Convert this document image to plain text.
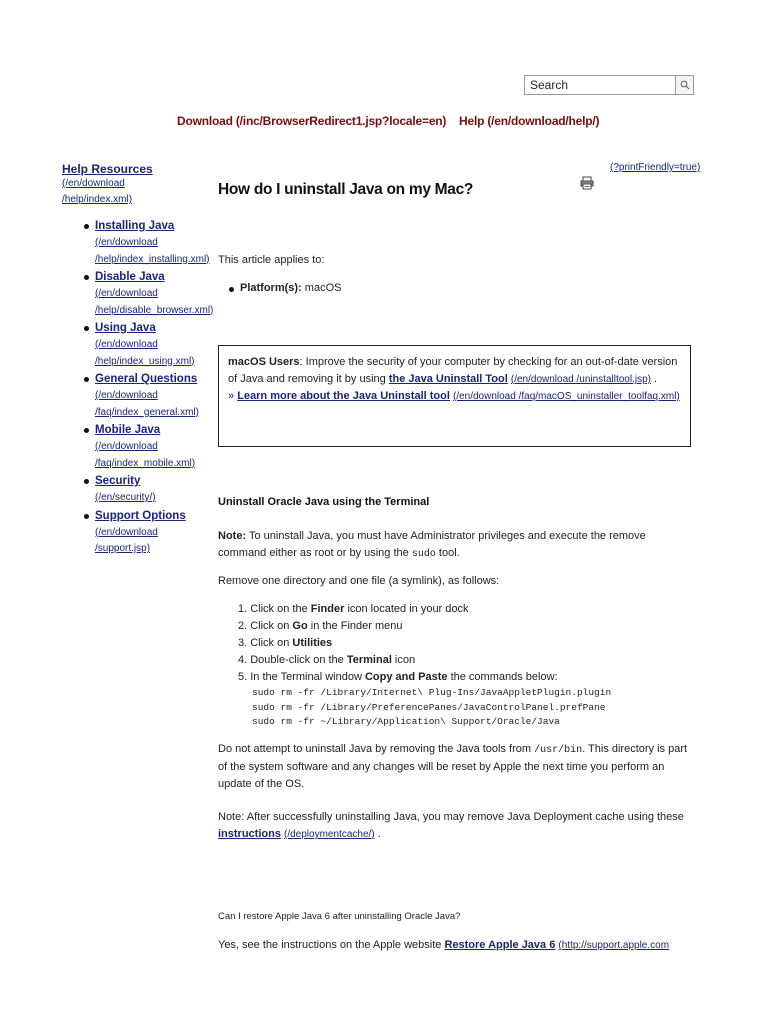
Search
Download (/inc/BrowserRedirect1.jsp?locale=en) Help (/en/download/help/)
Help Resources
(/en/download
/help/index.xml)
Installing Java
(/en/download
/help/index_installing.xml)
Disable Java
(/en/download
/help/disable_browser.xml)
Using Java
(/en/download
/help/index_using.xml)
General Questions
(/en/download
/faq/index_general.xml)
Mobile Java
(/en/download
/faq/index_mobile.xml)
Security
(/en/security/)
Support Options
(/en/download
/support.jsp)
(?printFriendly=true)
How do I uninstall Java on my Mac?
This article applies to:
Platform(s): macOS
macOS Users: Improve the security of your computer by checking for an out-of-date version of Java and removing it by using the Java Uninstall Tool (/en/download /uninstalltool.jsp) .
» Learn more about the Java Uninstall tool (/en/download /faq/macOS_uninstaller_toolfaq.xml)
Uninstall Oracle Java using the Terminal
Note: To uninstall Java, you must have Administrator privileges and execute the remove command either as root or by using the sudo tool.
Remove one directory and one file (a symlink), as follows:
1. Click on the Finder icon located in your dock
2. Click on Go in the Finder menu
3. Click on Utilities
4. Double-click on the Terminal icon
5. In the Terminal window Copy and Paste the commands below:
sudo rm -fr /Library/Internet\ Plug-Ins/JavaAppletPlugin.plugin
sudo rm -fr /Library/PreferencePanes/JavaControlPanel.prefPane
sudo rm -fr ~/Library/Application\ Support/Oracle/Java
Do not attempt to uninstall Java by removing the Java tools from /usr/bin. This directory is part of the system software and any changes will be reset by Apple the next time you perform an update of the OS.
Note: After successfully uninstalling Java, you may remove Java Deployment cache using these instructions (/deploymentcache/) .
Can I restore Apple Java 6 after uninstalling Oracle Java?
Yes, see the instructions on the Apple website Restore Apple Java 6 (http://support.apple.com
